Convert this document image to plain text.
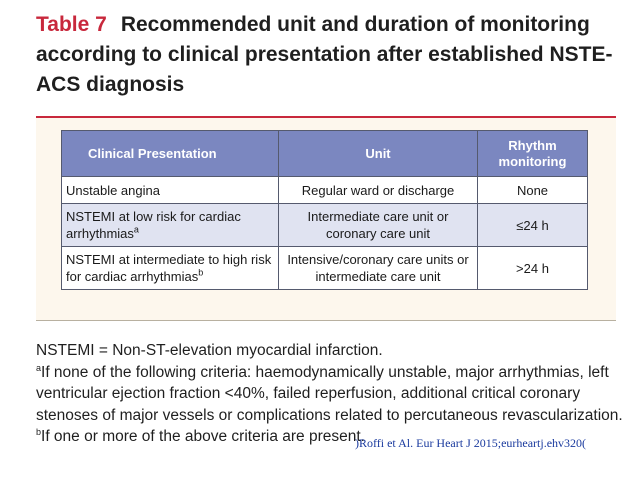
Table 7 Recommended unit and duration of monitoring according to clinical presentation after established NSTE-ACS diagnosis
Clinical Presentation	Unit	Rhythm monitoring
Unstable angina	Regular ward or discharge	None
NSTEMI at low risk for cardiac arrhythmias$^a$	Intermediate care unit or coronary care unit	≤24 h
NSTEMI at intermediate to high risk for cardiac arrhythmias$^b$	Intensive/coronary care units or intermediate care unit	>24 h

NSTEMI = Non-ST-elevation myocardial infarction.

$^a$If none of the following criteria: haemodynamically unstable, major arrhythmias, left ventricular ejection fraction <40%, failed reperfusion, additional critical coronary stenoses of major vessels or complications related to percutaneous revascularization.

$^b$If one or more of the above criteria are present.

)Roffi et Al. Eur Heart J 2015;eurheartj.ehv320(
